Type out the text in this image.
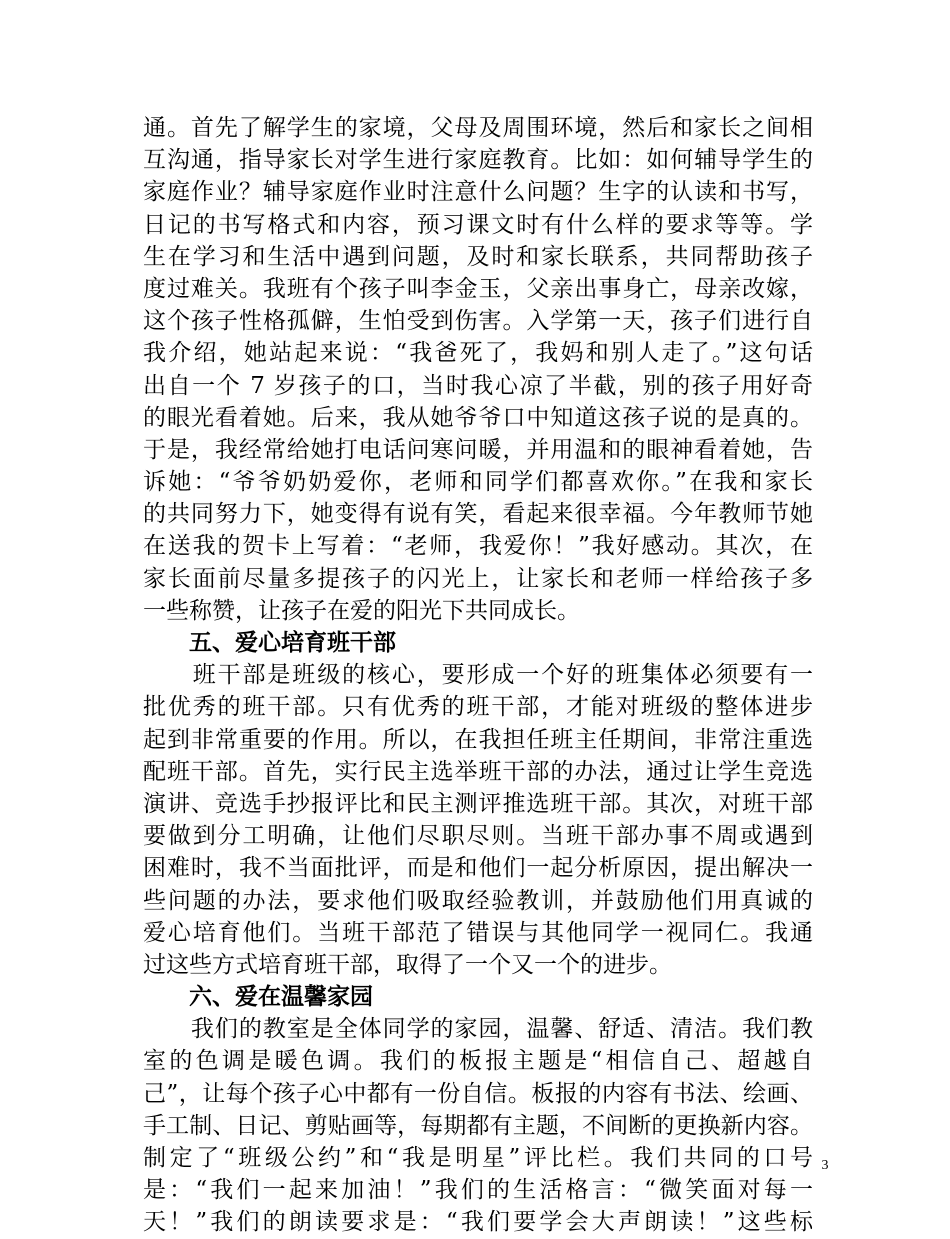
通。首先了解学生的家境，父母及周围环境，然后和家长之间相
互沟通，指导家长对学生进行家庭教育。比如：如何辅导学生的
家庭作业？辅导家庭作业时注意什么问题？生字的认读和书写，
日记的书写格式和内容，预习课文时有什么样的要求等等。学
生在学习和生活中遇到问题，及时和家长联系，共同帮助孩子
度过难关。我班有个孩子叫李金玉，父亲出事身亡，母亲改嫁，
这个孩子性格孤僻，生怕受到伤害。入学第一天，孩子们进行自
我介绍，她站起来说：“我爸死了，我妈和别人走了。”这句话
出自一个 7 岁孩子的口，当时我心凉了半截，别的孩子用好奇
的眼光看着她。后来，我从她爷爷口中知道这孩子说的是真的。
于是，我经常给她打电话问寒问暖，并用温和的眼神看着她，告
诉她：“爷爷奶奶爱你，老师和同学们都喜欢你。”在我和家长
的共同努力下，她变得有说有笑，看起来很幸福。今年教师节她
在送我的贺卡上写着：“老师，我爱你！”我好感动。其次，在
家长面前尽量多提孩子的闪光上，让家长和老师一样给孩子多
一些称赞，让孩子在爱的阳光下共同成长。
五、爱心培育班干部
　　班干部是班级的核心，要形成一个好的班集体必须要有一
批优秀的班干部。只有优秀的班干部，才能对班级的整体进步
起到非常重要的作用。所以，在我担任班主任期间，非常注重选
配班干部。首先，实行民主选举班干部的办法，通过让学生竞选
演讲、竞选手抄报评比和民主测评推选班干部。其次，对班干部
要做到分工明确，让他们尽职尽则。当班干部办事不周或遇到
困难时，我不当面批评，而是和他们一起分析原因，提出解决一
些问题的办法，要求他们吸取经验教训，并鼓励他们用真诚的
爱心培育他们。当班干部范了错误与其他同学一视同仁。我通
过这些方式培育班干部，取得了一个又一个的进步。
六、爱在温馨家园
　　我们的教室是全体同学的家园，温馨、舒适、清洁。我们教
室的色调是暖色调。我们的板报主题是“相信自己、超越自
己”，让每个孩子心中都有一份自信。板报的内容有书法、绘画、
手工制、日记、剪贴画等，每期都有主题，不间断的更换新内容。
制定了“班级公约”和“我是明星”评比栏。我们共同的口号
是：“我们一起来加油！”我们的生活格言：“微笑面对每一
天！”我们的朗读要求是：“我们要学会大声朗读！”这些标
3
